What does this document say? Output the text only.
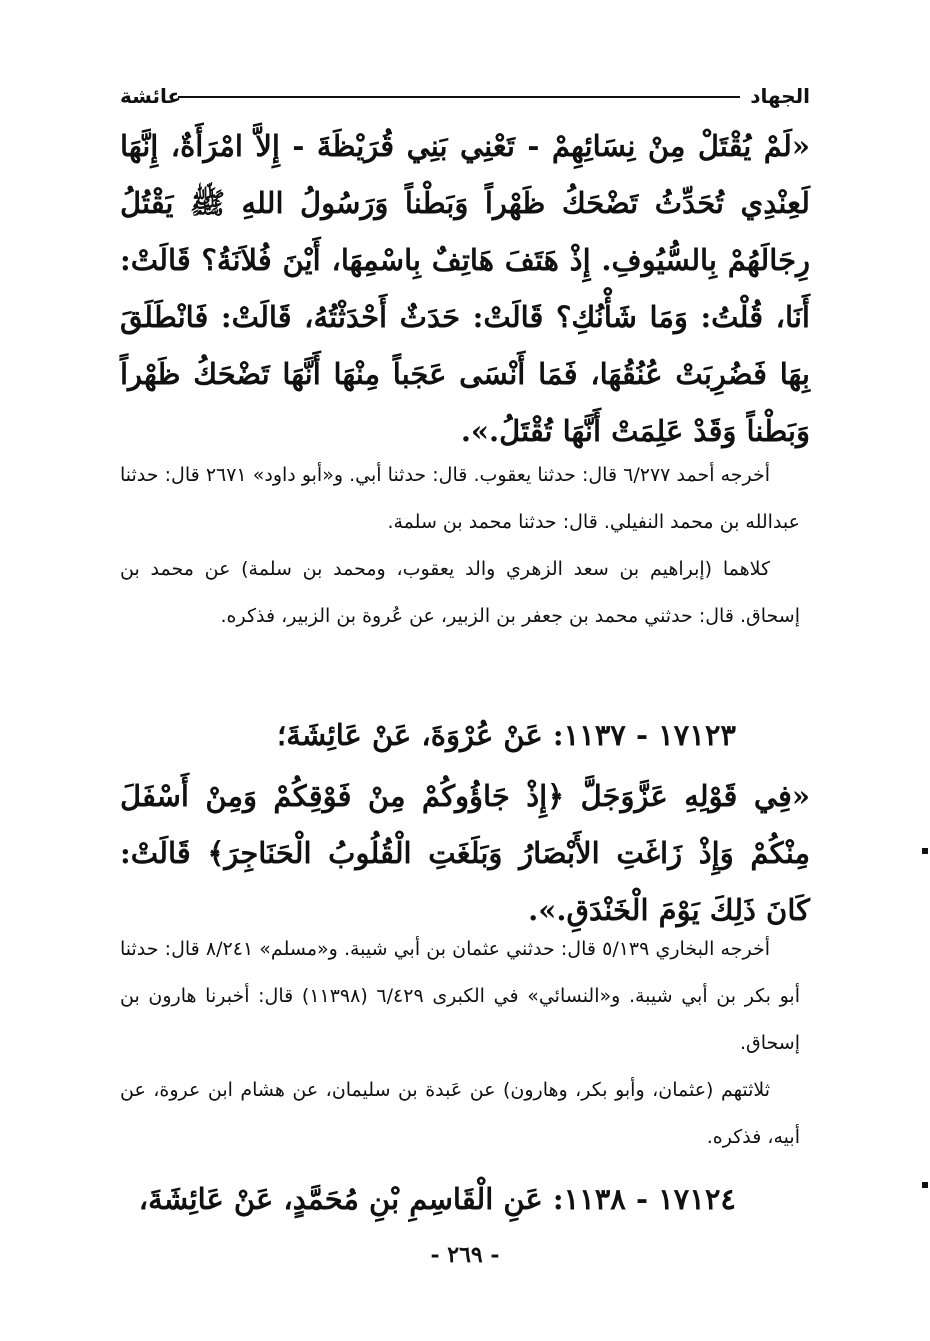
الجهاد
عائشة
«لَمْ يُقْتَلْ مِنْ نِسَائِهِمْ - تَعْنِي بَنِي قُرَيْظَةَ - إِلاَّ امْرَأَةٌ، إِنَّهَا لَعِنْدِي تُحَدِّثُ تَضْحَكُ ظَهْراً وَبَطْناً وَرَسُولُ اللهِ ﷺ يَقْتُلُ رِجَالَهُمْ بِالسُّيُوفِ. إِذْ هَتَفَ هَاتِفٌ بِاسْمِهَا، أَيْنَ فُلاَنَةُ؟ قَالَتْ: أَنَا، قُلْتُ: وَمَا شَأْنُكِ؟ قَالَتْ: حَدَثٌ أَحْدَثْتُهُ، قَالَتْ: فَانْطَلَقَ بِهَا فَضُرِبَتْ عُنُقُهَا، فَمَا أَنْسَى عَجَباً مِنْهَا أَنَّهَا تَضْحَكُ ظَهْراً وَبَطْناً وَقَدْ عَلِمَتْ أَنَّهَا تُقْتَلُ.».

أخرجه أحمد ٦/٢٧٧ قال: حدثنا يعقوب. قال: حدثنا أبي. و«أبو داود» ٢٦٧١ قال: حدثنا عبدالله بن محمد النفيلي. قال: حدثنا محمد بن سلمة.

كلاهما (إبراهيم بن سعد الزهري والد يعقوب، ومحمد بن سلمة) عن محمد بن إسحاق. قال: حدثني محمد بن جعفر بن الزبير، عن عُروة بن الزبير، فذكره.

١٧١٢٣ - ١١٣٧: عَنْ عُرْوَةَ، عَنْ عَائِشَةَ؛
«فِي قَوْلِهِ عَزَّوَجَلَّ ﴿إِذْ جَاؤُوكُمْ مِنْ فَوْقِكُمْ وَمِنْ أَسْفَلَ مِنْكُمْ وَإِذْ زَاغَتِ الأَبْصَارُ وَبَلَغَتِ الْقُلُوبُ الْحَنَاجِرَ﴾ قَالَتْ: كَانَ ذَلِكَ يَوْمَ الْخَنْدَقِ.».

أخرجه البخاري ٥/١٣٩ قال: حدثني عثمان بن أبي شيبة. و«مسلم» ٨/٢٤١ قال: حدثنا أبو بكر بن أبي شيبة. و«النسائي» في الكبرى ٦/٤٢٩ (١١٣٩٨) قال: أخبرنا هارون بن إسحاق.

ثلاثتهم (عثمان، وأبو بكر، وهارون) عن عَبدة بن سليمان، عن هشام ابن عروة، عن أبيه، فذكره.

١٧١٢٤ - ١١٣٨: عَنِ الْقَاسِمِ بْنِ مُحَمَّدٍ، عَنْ عَائِشَةَ،
- ٢٦٩ -
